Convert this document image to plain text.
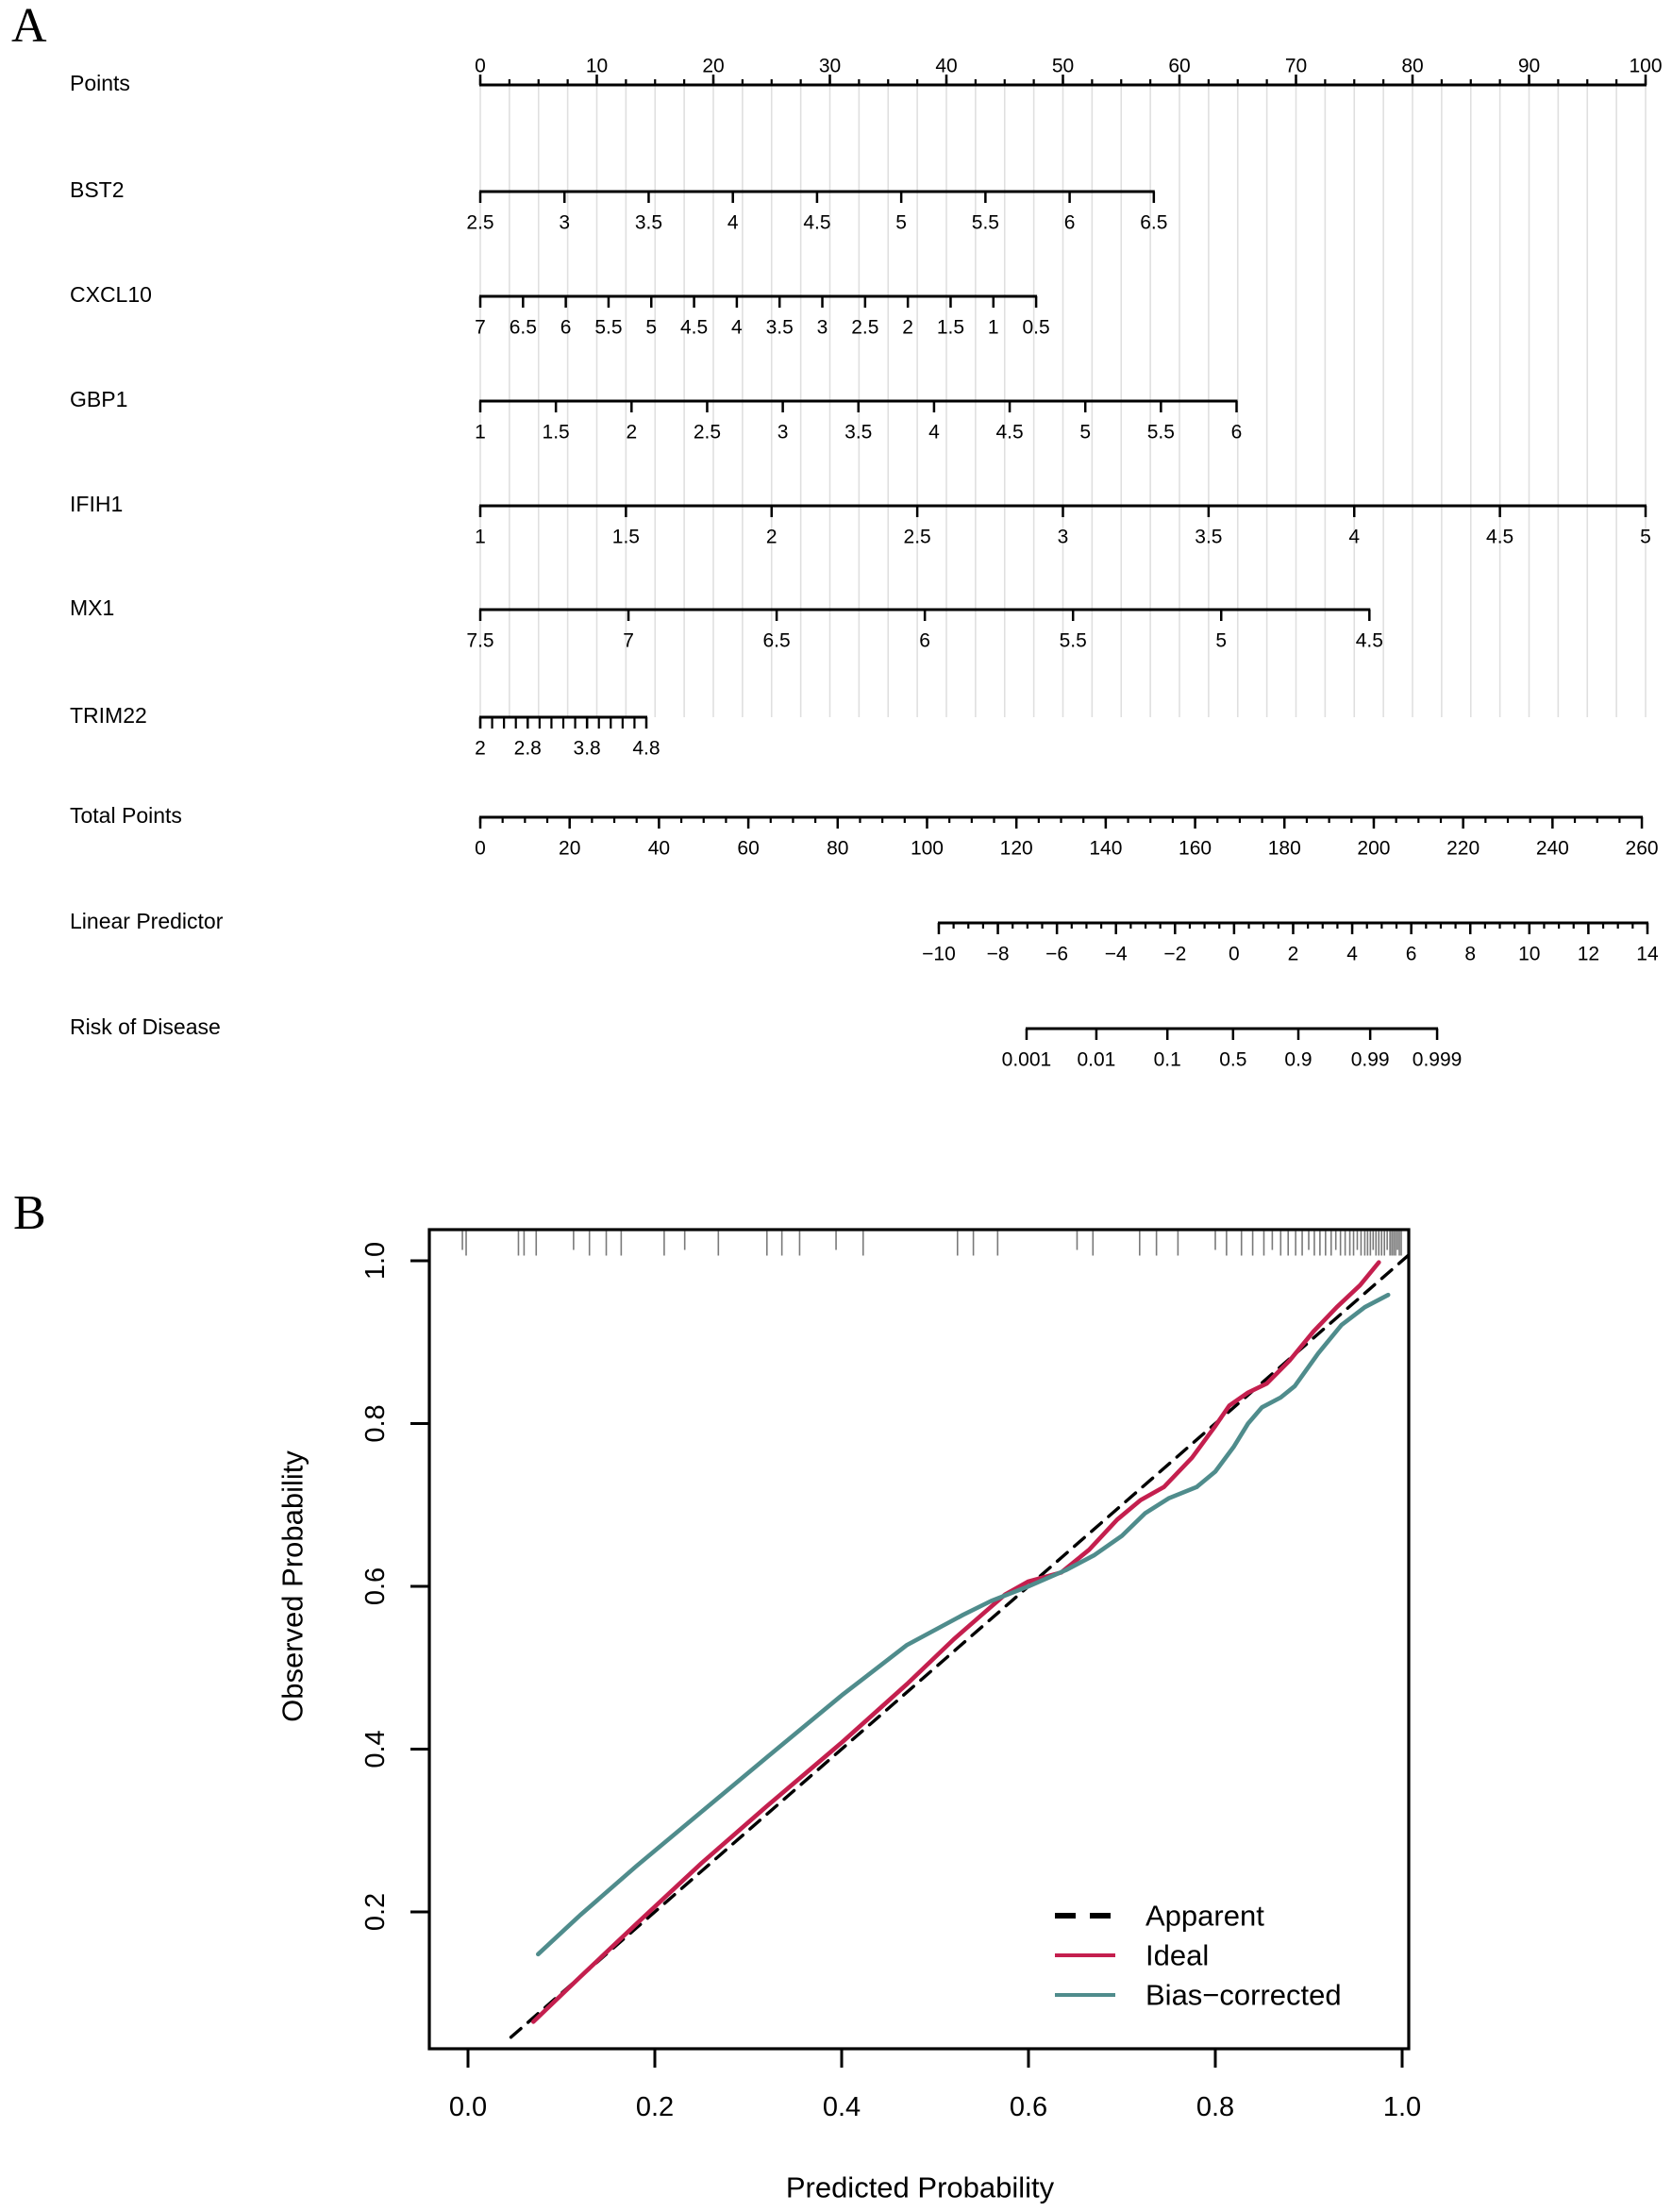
A
B
Points
0	10	20	30	40	50	60	70	80	90	100
BST2
2.5	3	3.5	4	4.5	5	5.5	6	6.5
CXCL10
7 6.5 6 5.5 5 4.5 4 3.5 3 2.5 2 1.5 1 0.5
GBP1
1	1.5	2	2.5	3	3.5	4	4.5	5	5.5	6
IFIH1
1	1.5	2	2.5	3	3.5	4	4.5	5
MX1
7.5	7	6.5	6	5.5	5	4.5
TRIM22
2 2.8 3.8 4.8
Total Points
0	20	40	60	80	100	120	140	160	180	200	220	240	260
Linear Predictor
−10 −8 −6 −4 −2 0 2 4 6 8 10 12 14
Risk of Disease
0.001 0.01 0.1 0.5 0.9 0.99 0.999
0.0	0.2	0.4	0.6	0.8	1.0
0.2
0.4
0.6
0.8
1.0
Predicted Probability
Observed Probability
Apparent
Ideal
Bias−corrected
